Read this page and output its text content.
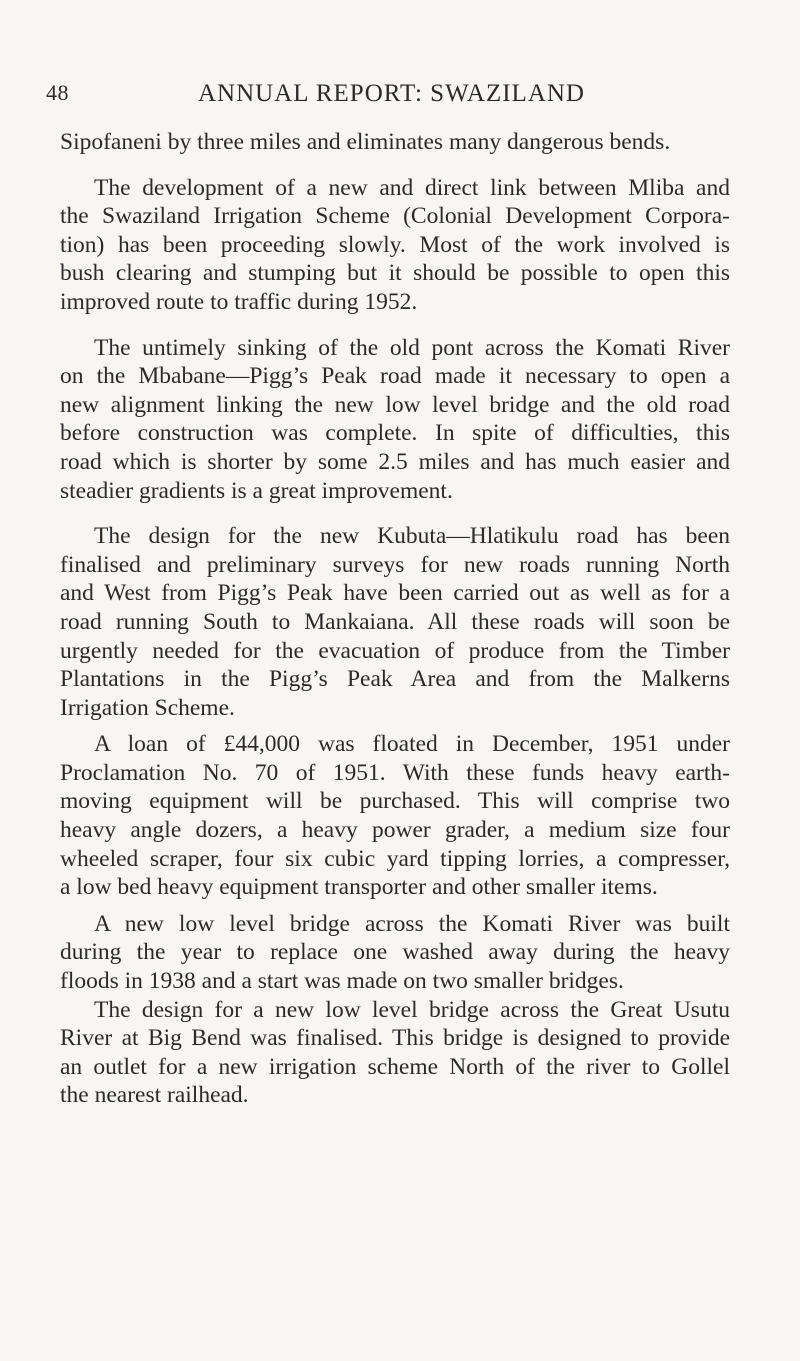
48	ANNUAL REPORT: SWAZILAND
Sipofaneni by three miles and eliminates many dangerous bends.
The development of a new and direct link between Mliba and
the Swaziland Irrigation Scheme (Colonial Development Corpora-
tion) has been proceeding slowly. Most of the work involved is
bush clearing and stumping but it should be possible to open this
improved route to traffic during 1952.
The untimely sinking of the old pont across the Komati River
on the Mbabane—Pigg’s Peak road made it necessary to open a
new alignment linking the new low level bridge and the old road
before construction was complete. In spite of difficulties, this
road which is shorter by some 2.5 miles and has much easier and
steadier gradients is a great improvement.
The design for the new Kubuta—Hlatikulu road has been
finalised and preliminary surveys for new roads running North
and West from Pigg’s Peak have been carried out as well as for a
road running South to Mankaiana. All these roads will soon be
urgently needed for the evacuation of produce from the Timber
Plantations in the Pigg’s Peak Area and from the Malkerns
Irrigation Scheme.
A loan of £44,000 was floated in December, 1951 under
Proclamation No. 70 of 1951. With these funds heavy earth-
moving equipment will be purchased. This will comprise two
heavy angle dozers, a heavy power grader, a medium size four
wheeled scraper, four six cubic yard tipping lorries, a compresser,
a low bed heavy equipment transporter and other smaller items.
A new low level bridge across the Komati River was built
during the year to replace one washed away during the heavy
floods in 1938 and a start was made on two smaller bridges.
The design for a new low level bridge across the Great Usutu
River at Big Bend was finalised. This bridge is designed to provide
an outlet for a new irrigation scheme North of the river to Gollel
the nearest railhead.
